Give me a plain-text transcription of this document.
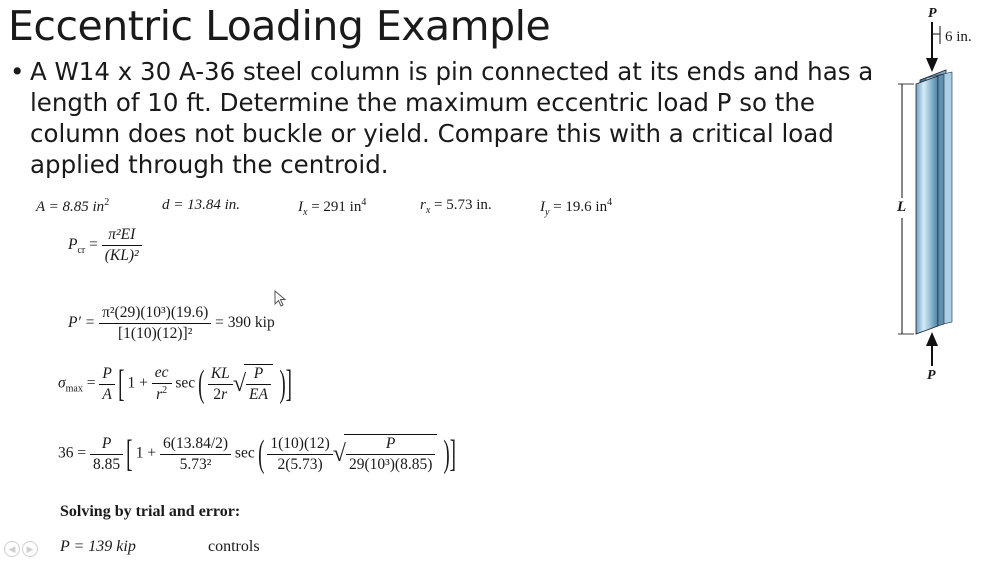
Eccentric Loading Example
• A W14 x 30 A-36 steel column is pin connected at its ends and has a length of 10 ft. Determine the maximum eccentric load P so the column does not buckle or yield. Compare this with a critical load applied through the centroid.
A = 8.85 $in^2$	d = 13.84 in.	$I_x = 291$ $in^4$	$r_x = 5.73$ in.	$I_y = 19.6$ $in^4$
$P_{cr} = \frac{\text{π²EI}}{\text{(KL)²}}$
$P' = \frac{\text{π²(29)(10³)(19.6)}}{\text{[1(10)(12)]²}} = 390$ kip
$\sigma_{max} = \frac{P}{A}$ [ $1 + \frac{ec}{r^2} \sec( \frac{KL}{2r}$ √ $\frac{P}{EA}$ )]
$36 = \frac{P}{8.85}$ [ $1 + \frac{6(13.84/2)}{\text{5.73²}} \sec( \frac{1(10)(12)}{2(5.73)}$ √ $\frac{P}{\text{29(10³)(8.85)}}$ )]
Solving by trial and error:
◀ ▶	P = 139 kip	controls
P
6 in.
L
P
